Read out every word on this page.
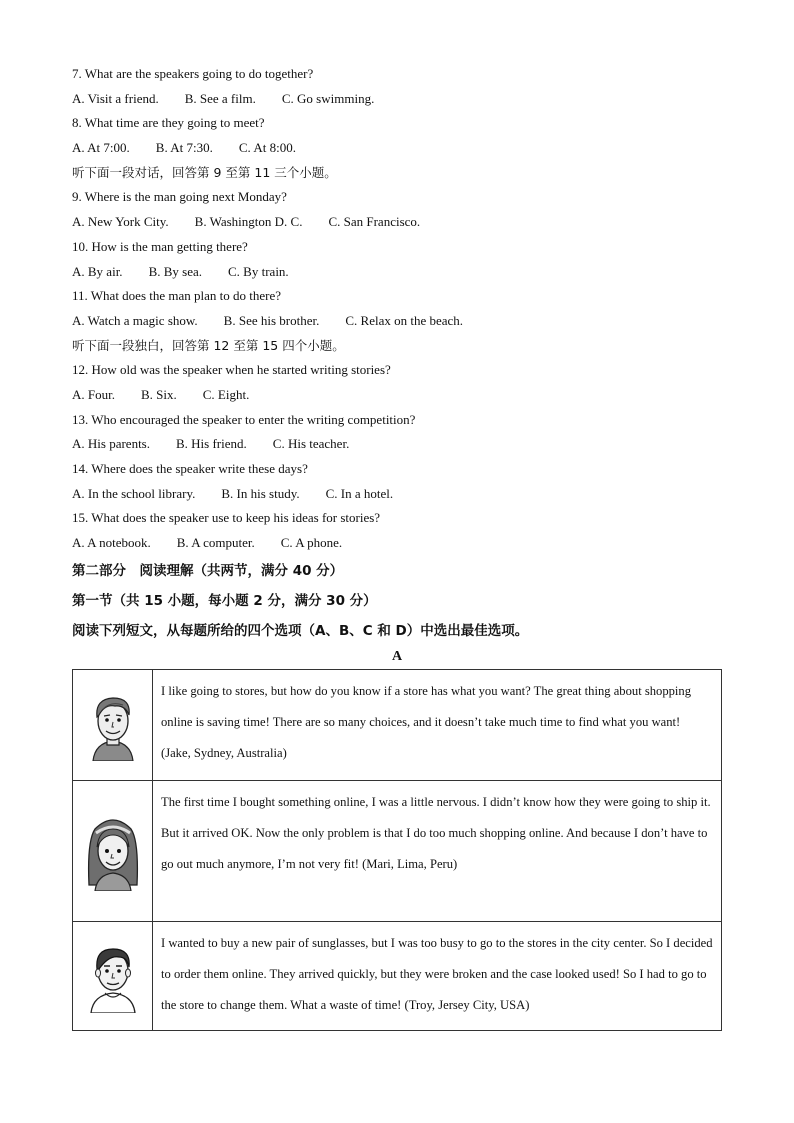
7. What are the speakers going to do together?
A. Visit a friend. B. See a film. C. Go swimming.
8. What time are they going to meet?
A. At 7:00. B. At 7:30. C. At 8:00.
听下面一段对话，回答第 9 至第 11 三个小题。
9. Where is the man going next Monday?
A. New York City. B. Washington D. C. C. San Francisco.
10. How is the man getting there?
A. By air. B. By sea. C. By train.
11. What does the man plan to do there?
A. Watch a magic show. B. See his brother. C. Relax on the beach.
听下面一段独白，回答第 12 至第 15 四个小题。
12. How old was the speaker when he started writing stories?
A. Four. B. Six. C. Eight.
13. Who encouraged the speaker to enter the writing competition?
A. His parents. B. His friend. C. His teacher.
14. Where does the speaker write these days?
A. In the school library. B. In his study. C. In a hotel.
15. What does the speaker use to keep his ideas for stories?
A. A notebook. B. A computer. C. A phone.
第二部分　阅读理解（共两节，满分 40 分）
第一节（共 15 小题，每小题 2 分，满分 30 分）
阅读下列短文，从每题所给的四个选项（A、B、C 和 D）中选出最佳选项。
A
	I like going to stores, but how do you know if a store has what you want? The great thing about shopping online is saving time! There are so many choices, and it doesn’t take much time to find what you want! (Jake, Sydney, Australia)

	The first time I bought something online, I was a little nervous. I didn’t know how they were going to ship it. But it arrived OK. Now the only problem is that I do too much shopping online. And because I don’t have to go out much anymore, I’m not very fit! (Mari, Lima, Peru)

	I wanted to buy a new pair of sunglasses, but I was too busy to go to the stores in the city center. So I decided to order them online. They arrived quickly, but they were broken and the case looked used! So I had to go to the store to change them. What a waste of time! (Troy, Jersey City, USA)
